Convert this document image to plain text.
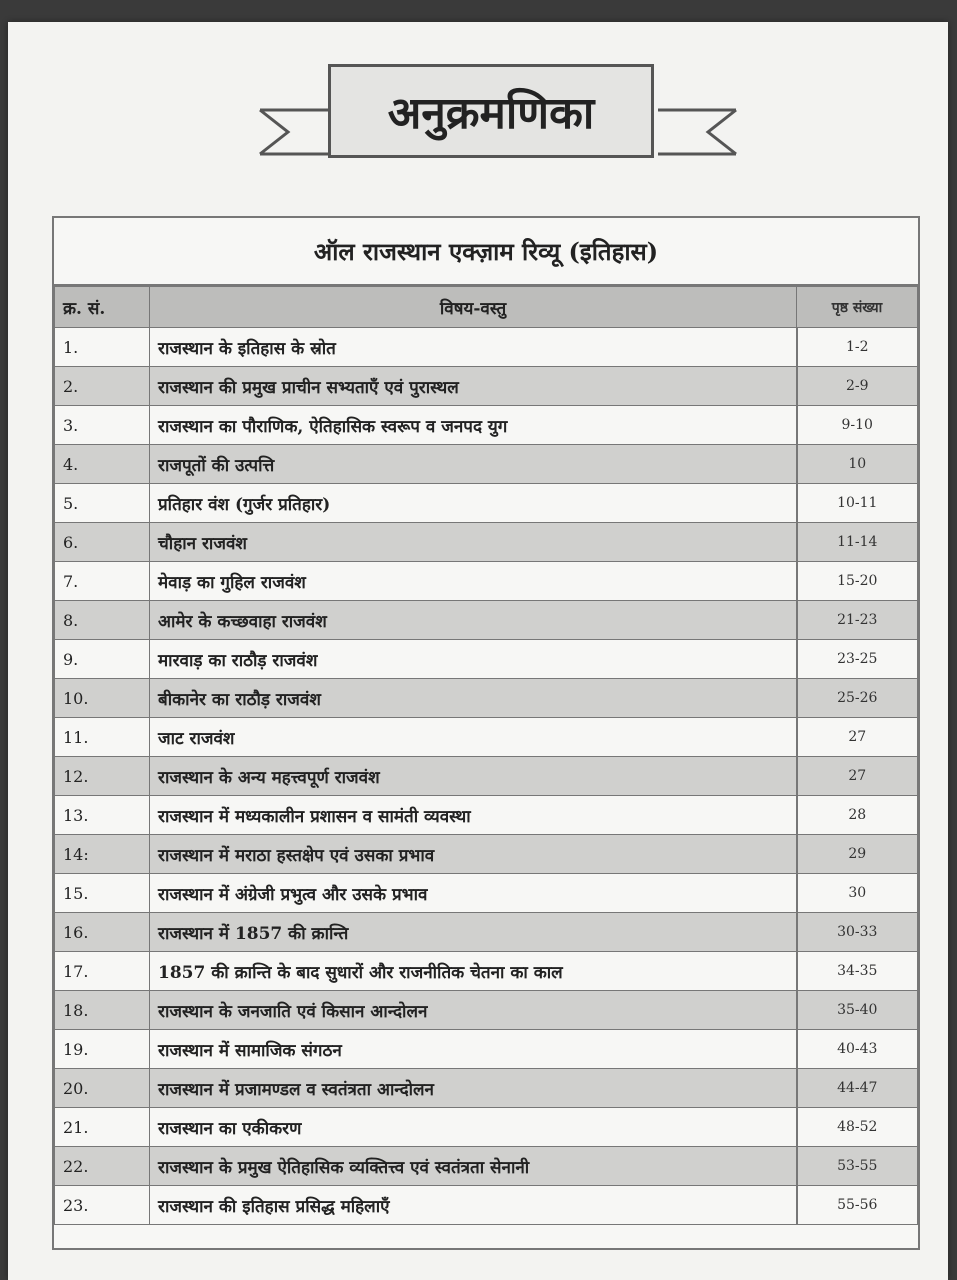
अनुक्रमणिका
ऑल राजस्थान एक्ज़ाम रिव्यू (इतिहास)
क्र. सं.	विषय-वस्तु	पृष्ठ संख्या
1.	राजस्थान के इतिहास के स्रोत	1-2
2.	राजस्थान की प्रमुख प्राचीन सभ्यताएँ एवं पुरास्थल	2-9
3.	राजस्थान का पौराणिक, ऐतिहासिक स्वरूप व जनपद युग	9-10
4.	राजपूतों की उत्पत्ति	10
5.	प्रतिहार वंश (गुर्जर प्रतिहार)	10-11
6.	चौहान राजवंश	11-14
7.	मेवाड़ का गुहिल राजवंश	15-20
8.	आमेर के कच्छवाहा राजवंश	21-23
9.	मारवाड़ का राठौड़ राजवंश	23-25
10.	बीकानेर का राठौड़ राजवंश	25-26
11.	जाट राजवंश	27
12.	राजस्थान के अन्य महत्त्वपूर्ण राजवंश	27
13.	राजस्थान में मध्यकालीन प्रशासन व सामंती व्यवस्था	28
14:	राजस्थान में मराठा हस्तक्षेप एवं उसका प्रभाव	29
15.	राजस्थान में अंग्रेजी प्रभुत्व और उसके प्रभाव	30
16.	राजस्थान में 1857 की क्रान्ति	30-33
17.	1857 की क्रान्ति के बाद सुधारों और राजनीतिक चेतना का काल	34-35
18.	राजस्थान के जनजाति एवं किसान आन्दोलन	35-40
19.	राजस्थान में सामाजिक संगठन	40-43
20.	राजस्थान में प्रजामण्डल व स्वतंत्रता आन्दोलन	44-47
21.	राजस्थान का एकीकरण	48-52
22.	राजस्थान के प्रमुख ऐतिहासिक व्यक्तित्त्व एवं स्वतंत्रता सेनानी	53-55
23.	राजस्थान की इतिहास प्रसिद्ध महिलाएँ	55-56
